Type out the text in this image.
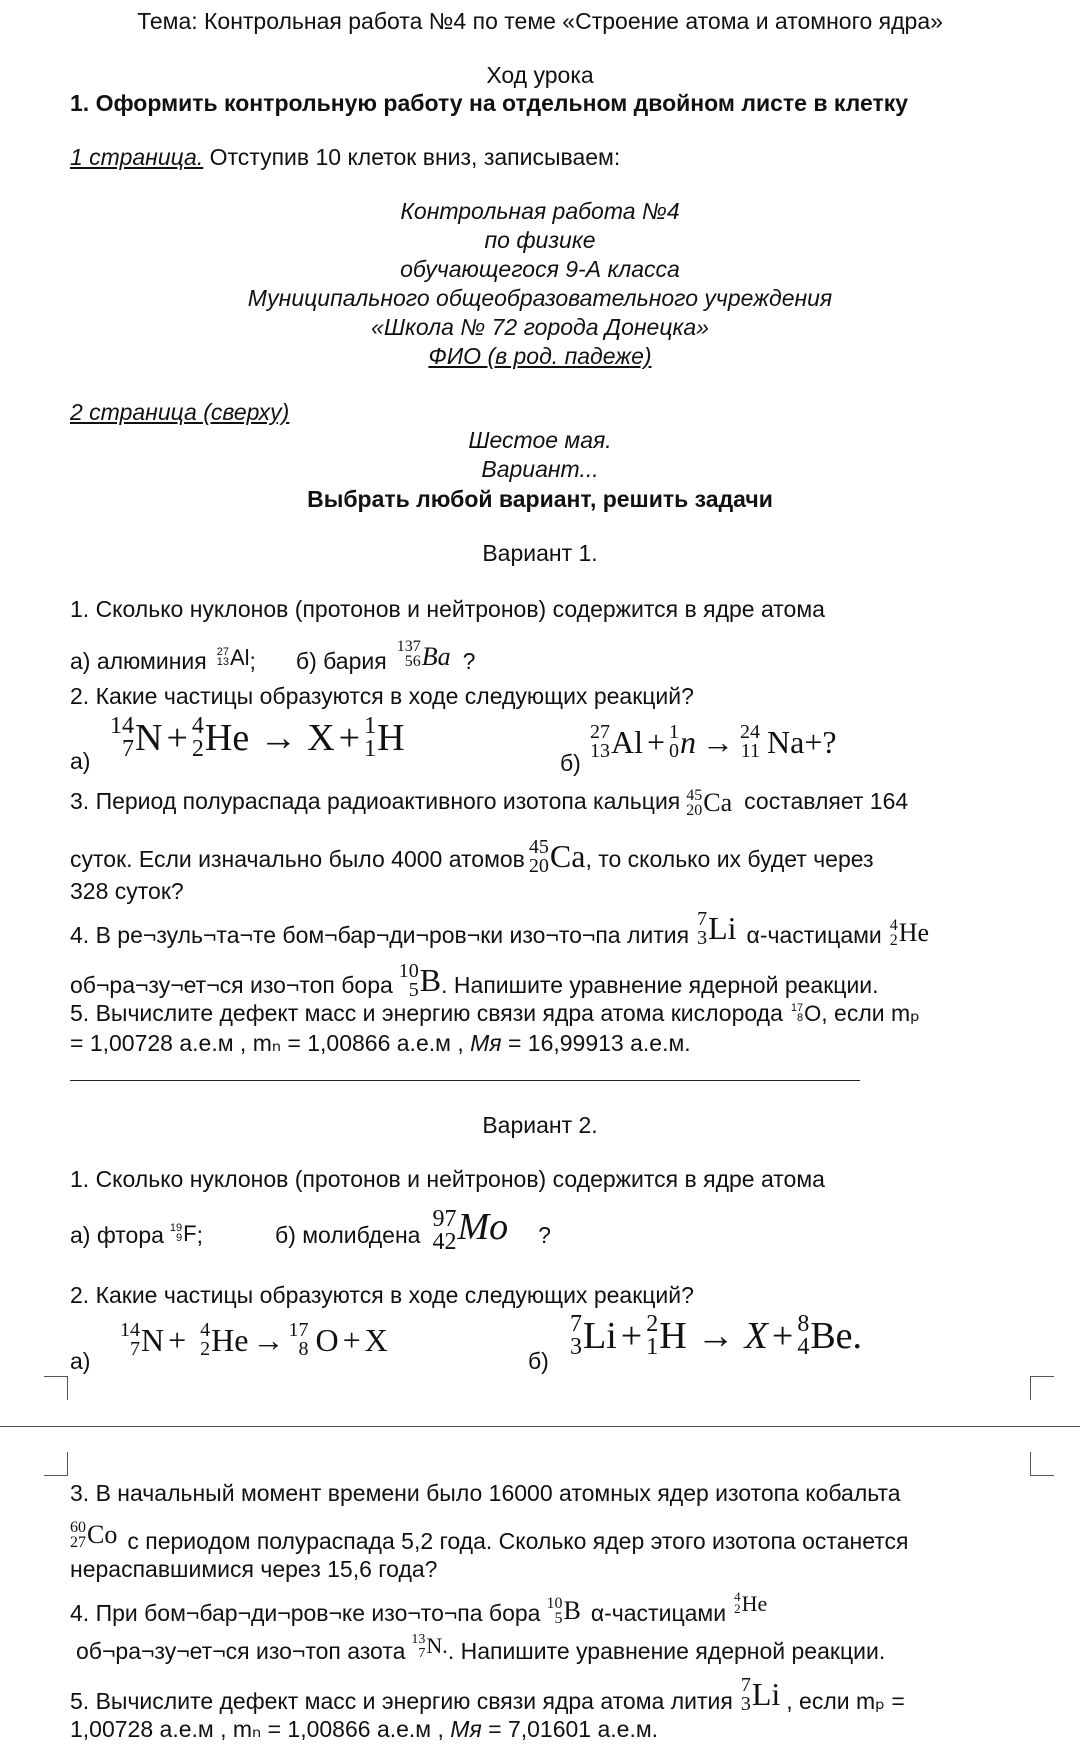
Тема: Контрольная работа №4 по теме «Строение атома и атомного ядра»
Ход урока
1. Оформить контрольную работу на отдельном двойном листе в клетку
1 страница. Отступив 10 клеток вниз, записываем:
Контрольная работа №4
по физике
обучающегося 9-А класса
Муниципального общеобразовательного учреждения
«Школа № 72 города Донецка»
ФИО (в род. падеже)
2 страница (сверху)
Шестое мая.
Вариант...
Выбрать любой вариант, решить задачи
Вариант 1.
1. Сколько нуклонов (протонов и нейтронов) содержится в ядре атома
а) алюминия 27
13 Al ; б) бария
137
56 Ba ?
2. Какие частицы образуются в ходе следующих реакций?
а)
14
7 N + 4
2 He → X + 1
1 H
б)
27
13 Al + 1
0 n → 24
11 Na + ?
3. Период полураспада радиоактивного изотопа кальция 45
20 Ca составляет 164
суток. Если изначально было 4000 атомов 45
20 Ca , то сколько их будет через
328 суток?
4. В ре¬зуль¬та¬те бом¬бар¬ди¬ров¬ки изо¬то¬па лития
7
3 Li α-частицами 4
2 He
об¬ра¬зу¬ет¬ся изо¬топ бора
10
5 B . Напишите уравнение ядерной реакции.
5. Вычислите дефект масс и энергию связи ядра атома кислорода 17
8 O , если mₚ
= 1,00728 а.е.м , mₙ = 1,00866 а.е.м , Mя = 16,99913 а.е.м.
Вариант 2.
1. Сколько нуклонов (протонов и нейтронов) содержится в ядре атома
а) фтора 19
9 F ;	б) молибдена
97
42 Mo ?
2. Какие частицы образуются в ходе следующих реакций?
а)
14
7 N + 4
2 He → 17
8 O + X
б)
7
3 Li + 2
1 H → X + 8
4 Be.
3. В начальный момент времени было 16000 атомных ядер изотопа кобальта
60
27 Co с периодом полураспада 5,2 года. Сколько ядер этого изотопа останется
нераспавшимися через 15,6 года?
4. При бом¬бар¬ди¬ров¬ке изо¬то¬па бора 10
5 B α-частицами
4
2 He
об¬ра¬зу¬ет¬ся изо¬топ азота 13
7 N. . Напишите уравнение ядерной реакции.
5. Вычислите дефект масс и энергию связи ядра атома лития
7
3 Li , если mₚ =
1,00728 а.е.м , mₙ = 1,00866 а.е.м , Mя = 7,01601 а.е.м.
